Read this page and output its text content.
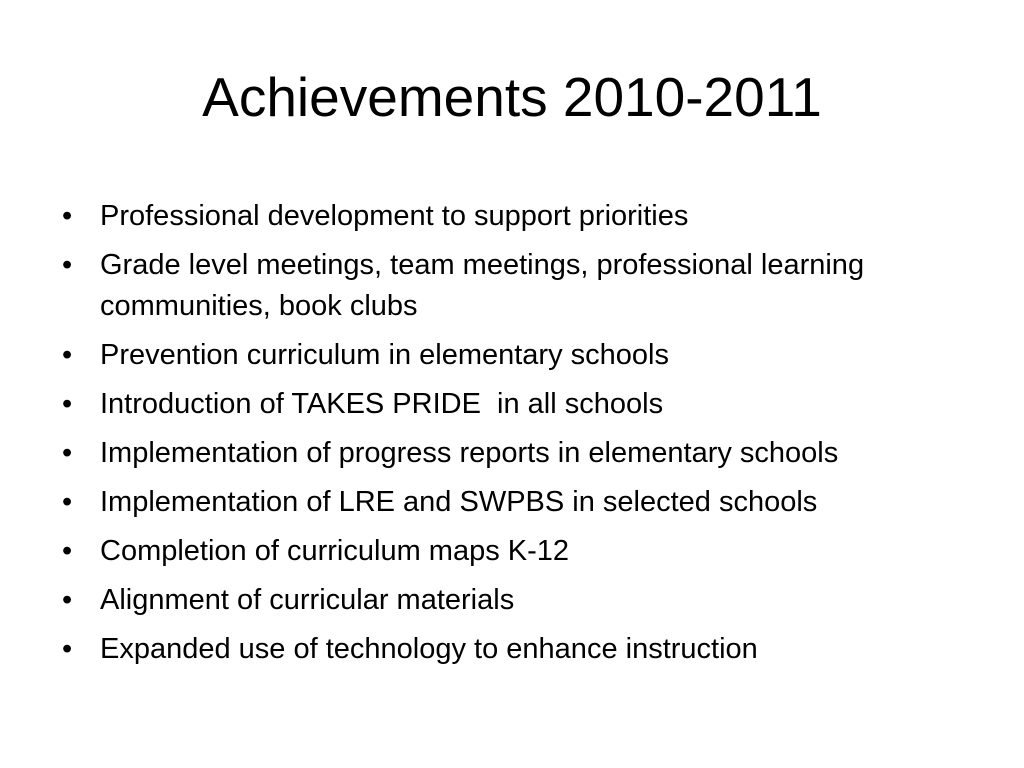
Achievements 2010-2011
• Professional development to support priorities
• Grade level meetings, team meetings, professional learning communities, book clubs
• Prevention curriculum in elementary schools
• Introduction of TAKES PRIDE  in all schools
• Implementation of progress reports in elementary schools
• Implementation of LRE and SWPBS in selected schools
• Completion of curriculum maps K-12
• Alignment of curricular materials
• Expanded use of technology to enhance instruction
